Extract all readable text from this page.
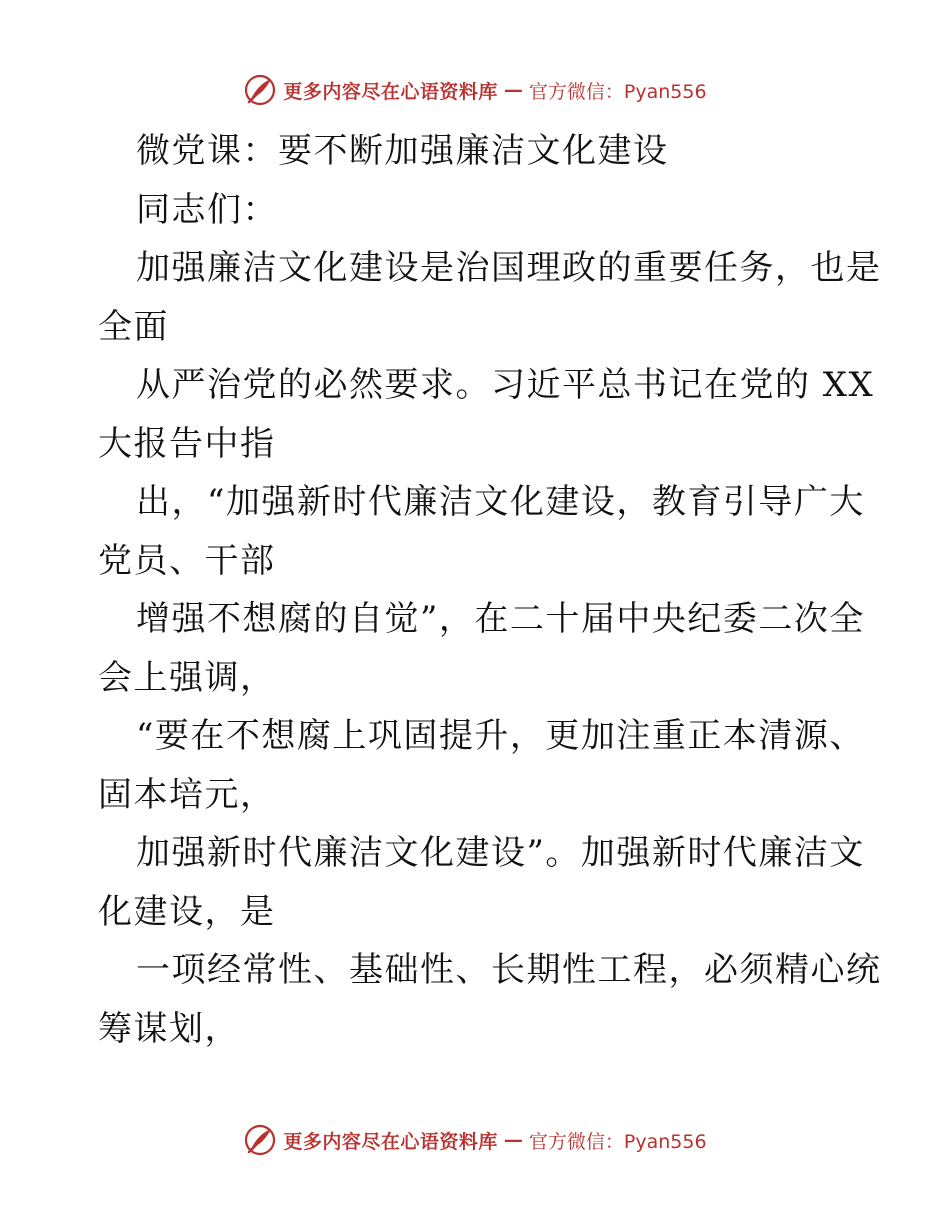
更多内容尽在心语资料库 — 官方微信：Pyan556
微党课：要不断加强廉洁文化建设
同志们：
加强廉洁文化建设是治国理政的重要任务，也是
全面
从严治党的必然要求。习近平总书记在党的 XX
大报告中指
出，“加强新时代廉洁文化建设，教育引导广大
党员、干部
增强不想腐的自觉”，在二十届中央纪委二次全
会上强调，
“要在不想腐上巩固提升，更加注重正本清源、
固本培元，
加强新时代廉洁文化建设”。加强新时代廉洁文
化建设，是
一项经常性、基础性、长期性工程，必须精心统
筹谋划，
更多内容尽在心语资料库 — 官方微信：Pyan556
